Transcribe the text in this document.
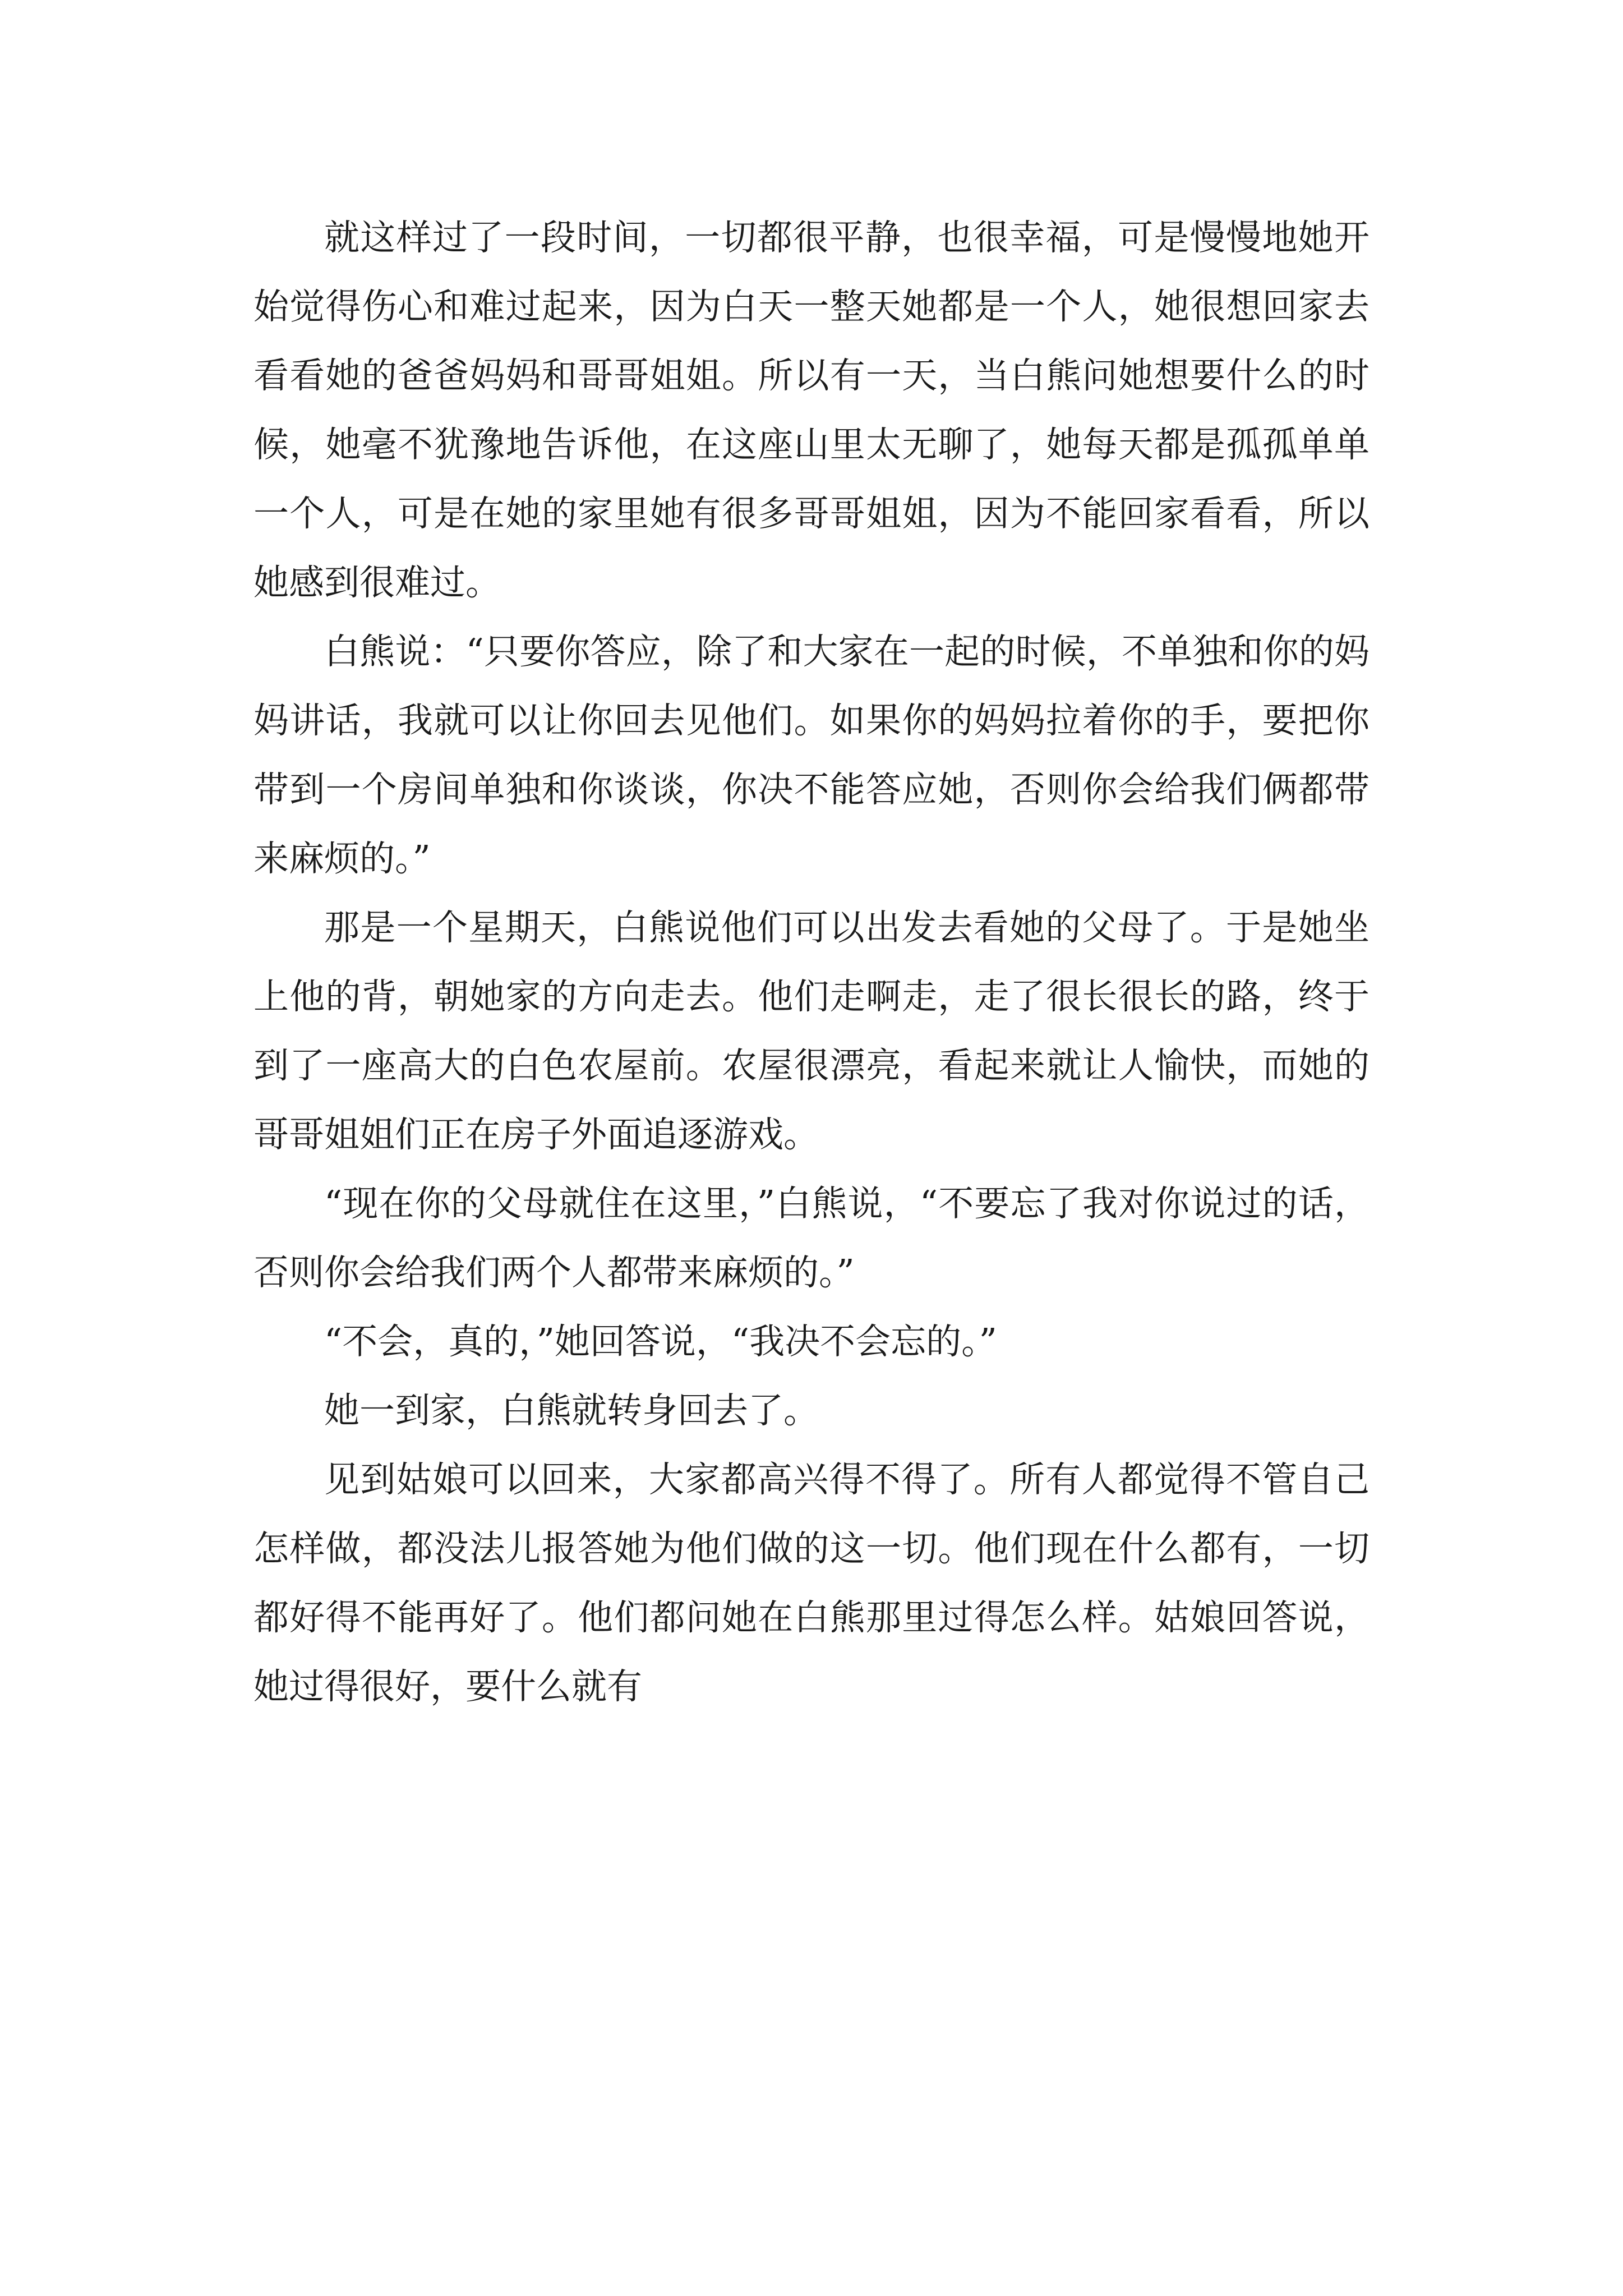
就这样过了一段时间，一切都很平静，也很幸福，可是慢慢地她开始觉得伤心和难过起来，因为白天一整天她都是一个人，她很想回家去看看她的爸爸妈妈和哥哥姐姐。所以有一天，当白熊问她想要什么的时候，她毫不犹豫地告诉他，在这座山里太无聊了，她每天都是孤孤单单一个人，可是在她的家里她有很多哥哥姐姐，因为不能回家看看，所以她感到很难过。

白熊说：“只要你答应，除了和大家在一起的时候，不单独和你的妈妈讲话，我就可以让你回去见他们。如果你的妈妈拉着你的手，要把你带到一个房间单独和你谈谈，你决不能答应她，否则你会给我们俩都带来麻烦的。”

那是一个星期天，白熊说他们可以出发去看她的父母了。于是她坐上他的背，朝她家的方向走去。他们走啊走，走了很长很长的路，终于到了一座高大的白色农屋前。农屋很漂亮，看起来就让人愉快，而她的哥哥姐姐们正在房子外面追逐游戏。

“现在你的父母就住在这里，”白熊说，“不要忘了我对你说过的话，否则你会给我们两个人都带来麻烦的。”

“不会，真的，”她回答说，“我决不会忘的。”

她一到家，白熊就转身回去了。

见到姑娘可以回来，大家都高兴得不得了。所有人都觉得不管自己怎样做，都没法儿报答她为他们做的这一切。他们现在什么都有，一切都好得不能再好了。他们都问她在白熊那里过得怎么样。姑娘回答说，她过得很好，要什么就有
